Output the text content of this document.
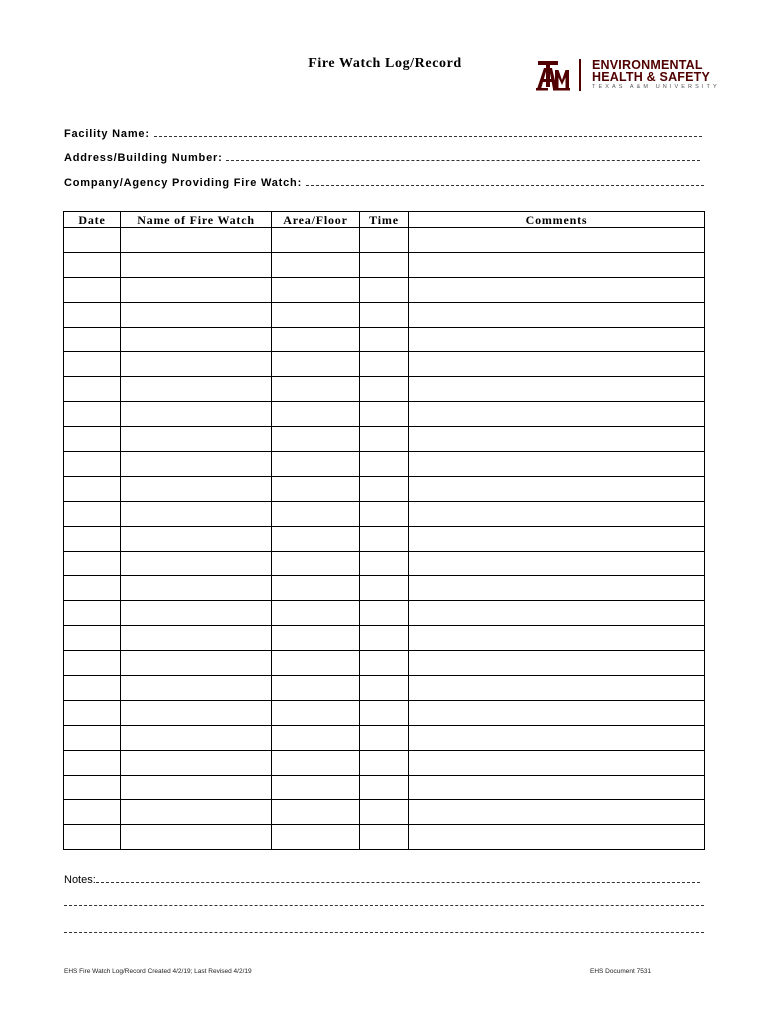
Fire Watch Log/Record	ENVIRONMENTAL
HEALTH & SAFETY
TEXAS A&M UNIVERSITY
Facility Name:
Address/Building Number:
Company/Agency Providing Fire Watch:
Date	Name of Fire Watch	Area/Floor	Time	Comments

Notes:
EHS Fire Watch Log/Record Created 4/2/19; Last Revised 4/2/19	EHS Document 7531
